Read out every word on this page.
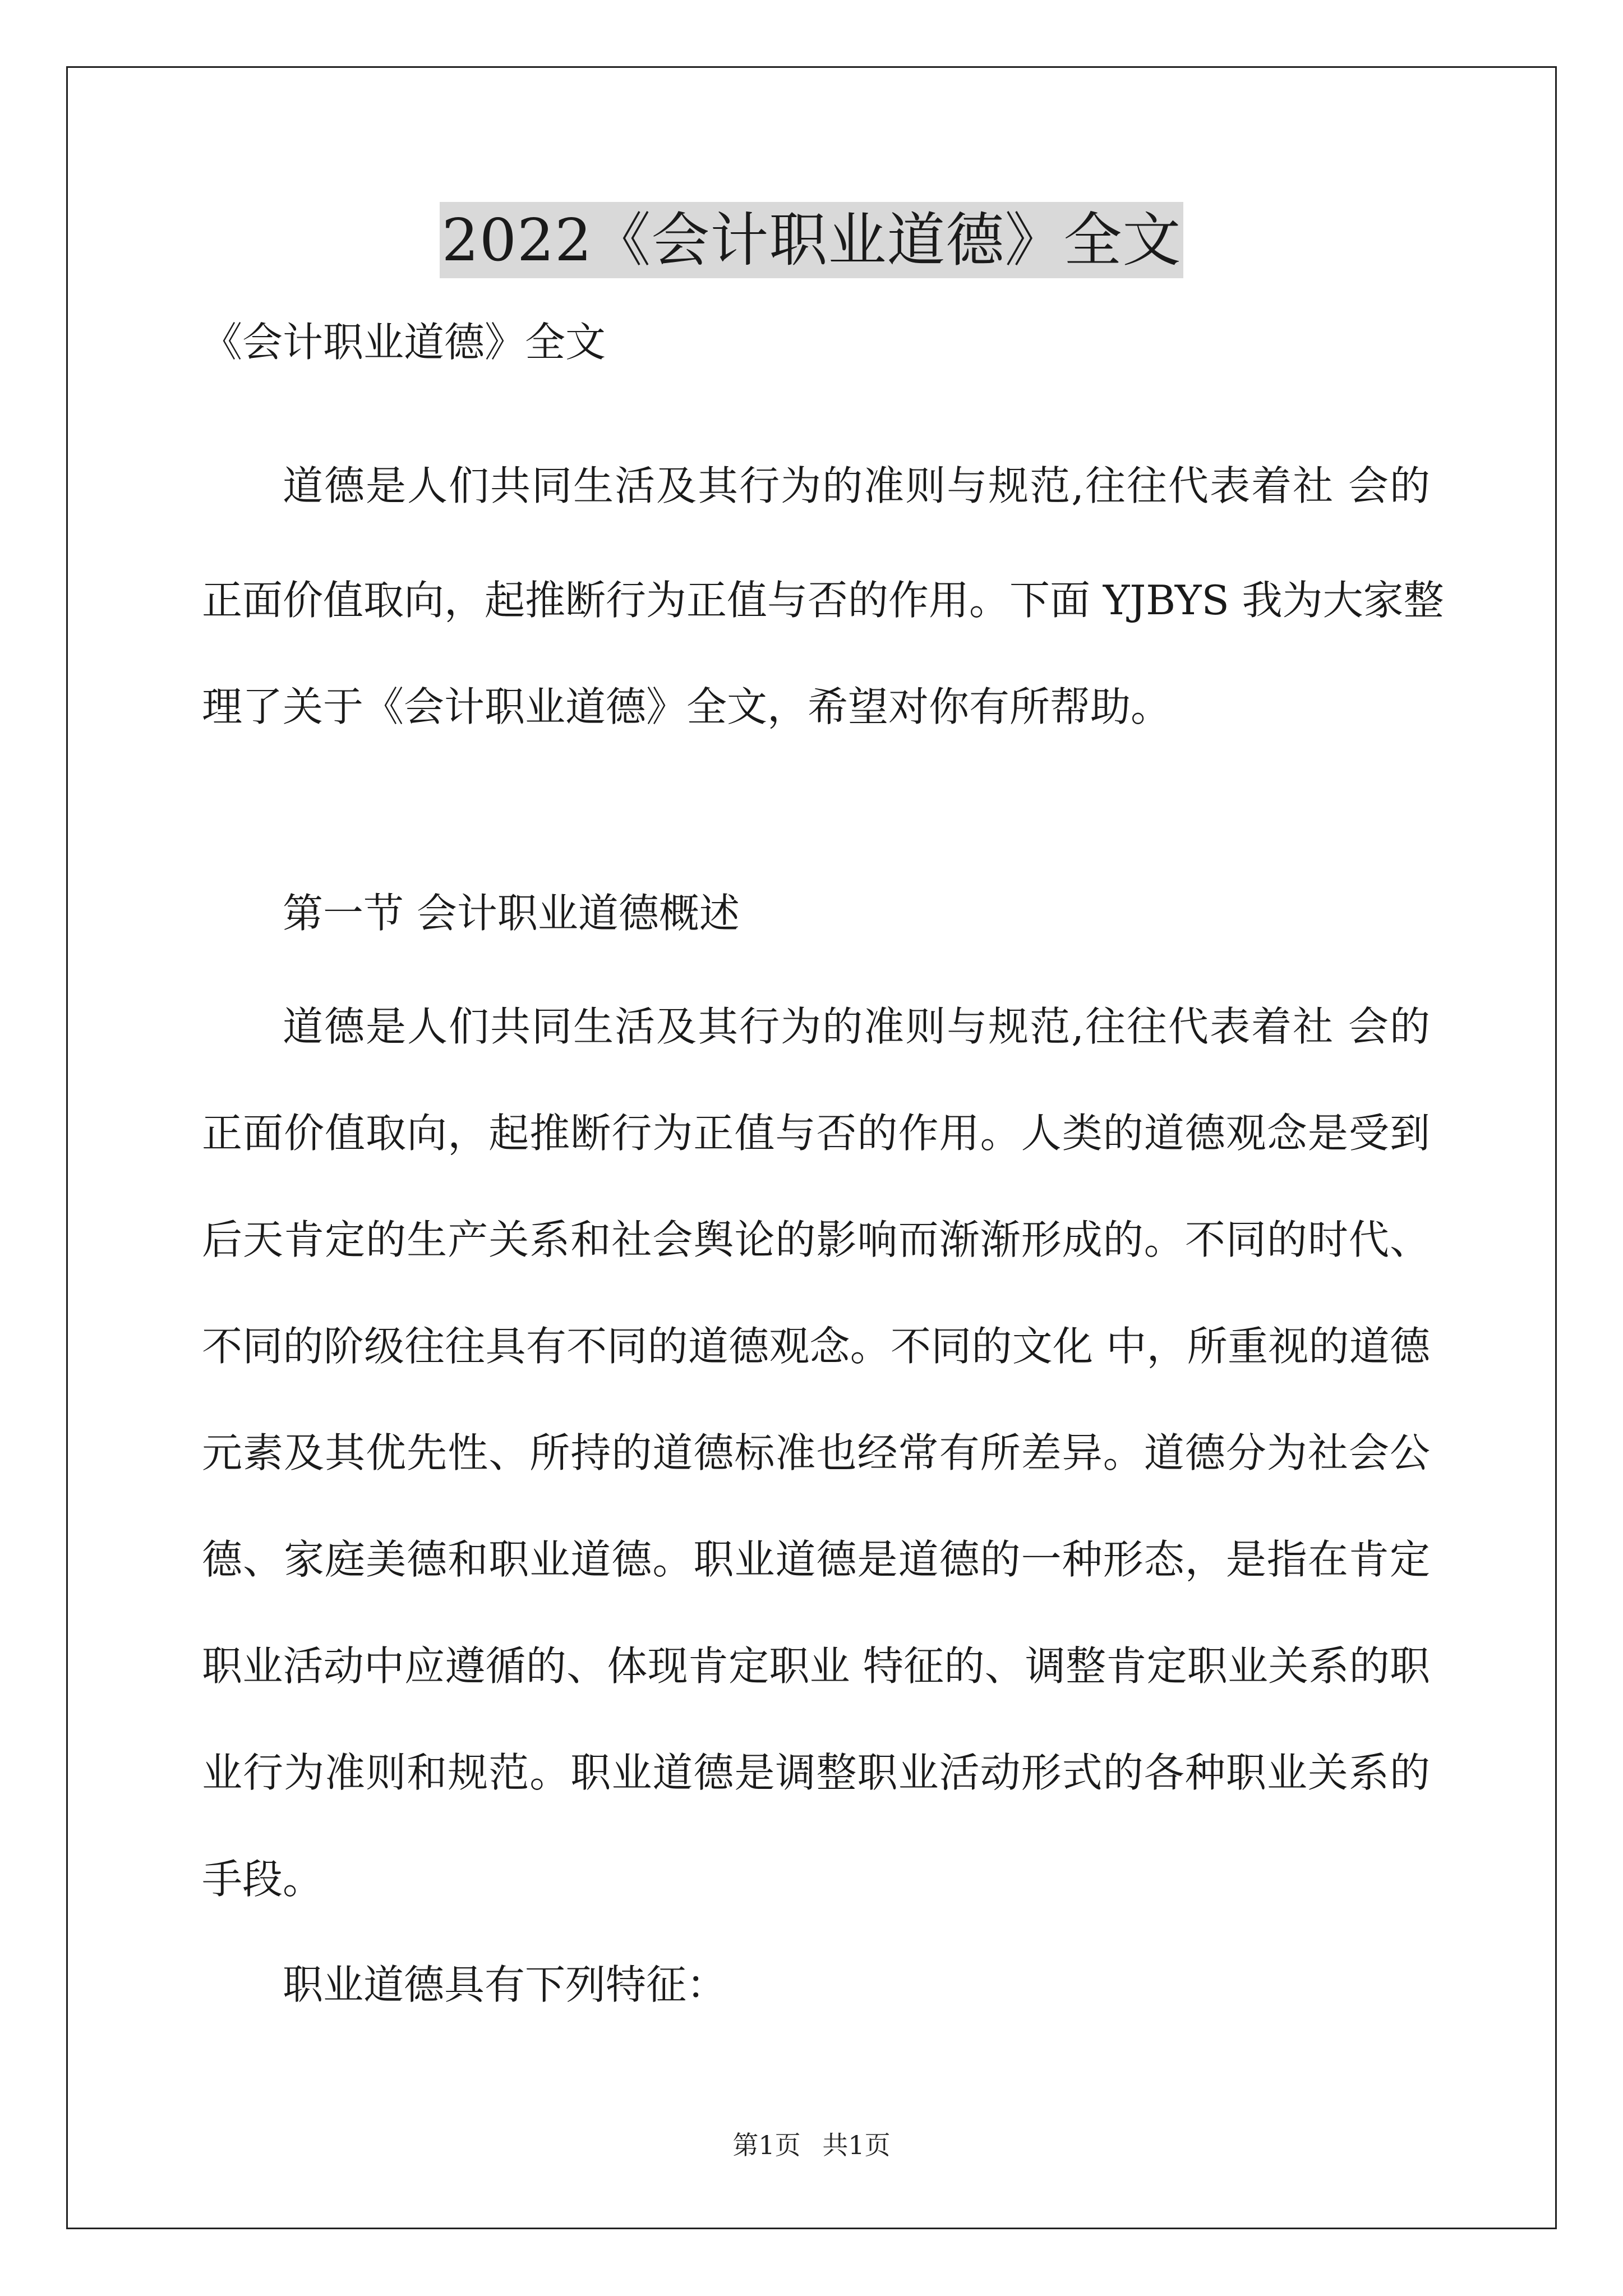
2022《会计职业道德》全文
《会计职业道德》全文
道德是人们共同生活及其行为的准则与规范,往往代表着社 会的
正面价值取向，起推断行为正值与否的作用。下面 YJBYS 我为大家整
理了关于《会计职业道德》全文，希望对你有所帮助。
第一节 会计职业道德概述
道德是人们共同生活及其行为的准则与规范,往往代表着社 会的
正面价值取向，起推断行为正值与否的作用。人类的道德观念是受到
后天肯定的生产关系和社会舆论的影响而渐渐形成的。不同的时代、
不同的阶级往往具有不同的道德观念。不同的文化 中，所重视的道德
元素及其优先性、所持的道德标准也经常有所差异。道德分为社会公
德、家庭美德和职业道德。职业道德是道德的一种形态，是指在肯定
职业活动中应遵循的、体现肯定职业 特征的、调整肯定职业关系的职
业行为准则和规范。职业道德是调整职业活动形式的各种职业关系的
手段。
职业道德具有下列特征：
第1页 共1页
